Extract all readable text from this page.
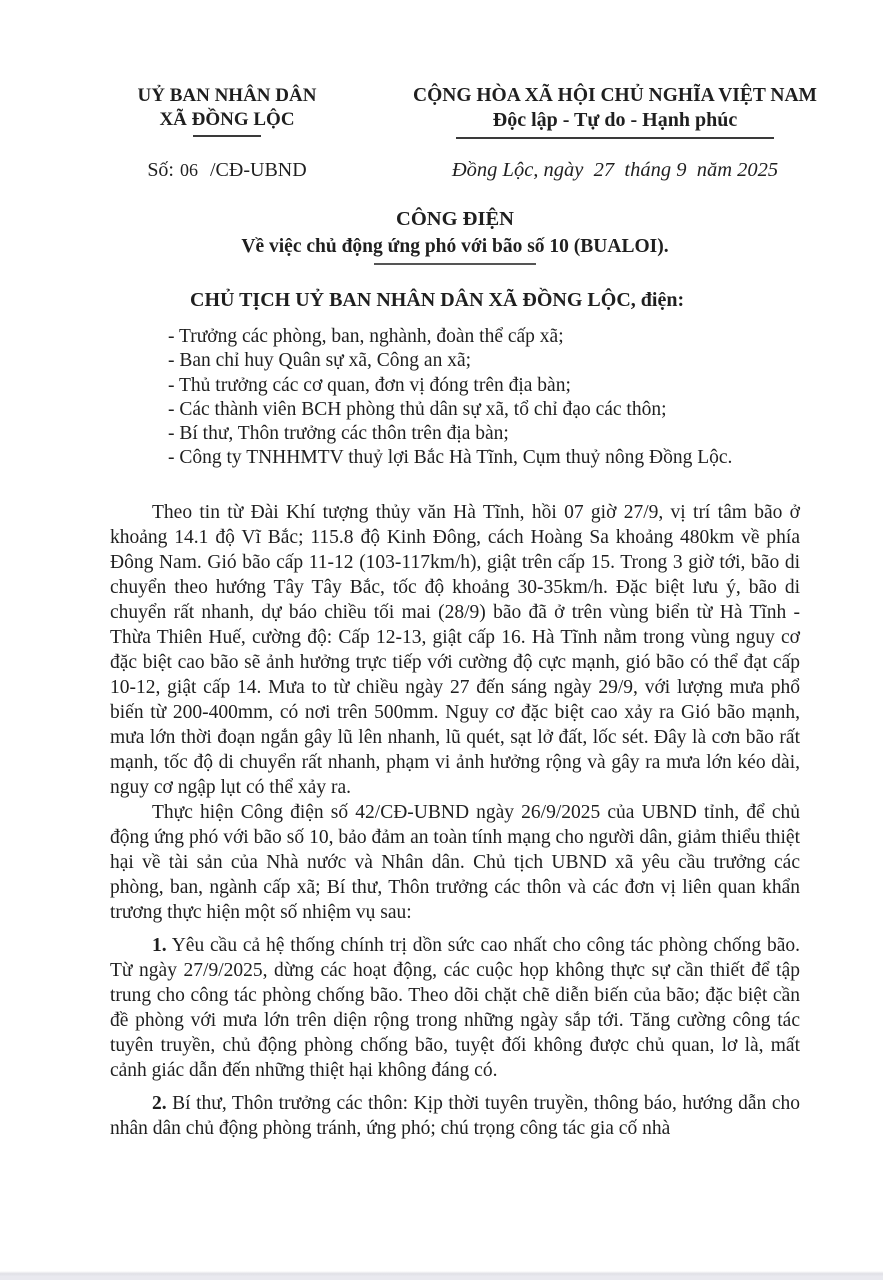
UỶ BAN NHÂN DÂN
XÃ ĐỒNG LỘC
Số: 06 /CĐ-UBND
CỘNG HÒA XÃ HỘI CHỦ NGHĨA VIỆT NAM
Độc lập - Tự do - Hạnh phúc
Đồng Lộc, ngày  27  tháng 9  năm 2025
CÔNG ĐIỆN
Về việc chủ động ứng phó với bão số 10 (BUALOI).
CHỦ TỊCH UỶ BAN NHÂN DÂN XÃ ĐỒNG LỘC, điện:
- Trưởng các phòng, ban, nghành, đoàn thể cấp xã;
- Ban chỉ huy Quân sự xã, Công an xã;
- Thủ trưởng các cơ quan, đơn vị đóng trên địa bàn;
- Các thành viên BCH phòng thủ dân sự xã, tổ chỉ đạo các thôn;
- Bí thư, Thôn trưởng các thôn trên địa bàn;
- Công ty TNHHMTV thuỷ lợi Bắc Hà Tĩnh, Cụm thuỷ nông Đồng Lộc.

Theo tin từ Đài Khí tượng thủy văn Hà Tĩnh, hồi 07 giờ 27/9, vị trí tâm bão ở khoảng 14.1 độ Vĩ Bắc; 115.8 độ Kinh Đông, cách Hoàng Sa khoảng 480km về phía Đông Nam. Gió bão cấp 11-12 (103-117km/h), giật trên cấp 15. Trong 3 giờ tới, bão di chuyển theo hướng Tây Tây Bắc, tốc độ khoảng 30-35km/h. Đặc biệt lưu ý, bão di chuyển rất nhanh, dự báo chiều tối mai (28/9) bão đã ở trên vùng biển từ Hà Tĩnh - Thừa Thiên Huế, cường độ: Cấp 12-13, giật cấp 16. Hà Tĩnh nằm trong vùng nguy cơ đặc biệt cao bão sẽ ảnh hưởng trực tiếp với cường độ cực mạnh, gió bão có thể đạt cấp 10-12, giật cấp 14. Mưa to từ chiều ngày 27 đến sáng ngày 29/9, với lượng mưa phổ biến từ 200-400mm, có nơi trên 500mm. Nguy cơ đặc biệt cao xảy ra Gió bão mạnh, mưa lớn thời đoạn ngắn gây lũ lên nhanh, lũ quét, sạt lở đất, lốc sét. Đây là cơn bão rất mạnh, tốc độ di chuyển rất nhanh, phạm vi ảnh hưởng rộng và gây ra mưa lớn kéo dài, nguy cơ ngập lụt có thể xảy ra.

Thực hiện Công điện số 42/CĐ-UBND ngày 26/9/2025 của UBND tỉnh, để chủ động ứng phó với bão số 10, bảo đảm an toàn tính mạng cho người dân, giảm thiểu thiệt hại về tài sản của Nhà nước và Nhân dân. Chủ tịch UBND xã yêu cầu trưởng các phòng, ban, ngành cấp xã; Bí thư, Thôn trưởng các thôn và các đơn vị liên quan khẩn trương thực hiện một số nhiệm vụ sau:

1. Yêu cầu cả hệ thống chính trị dồn sức cao nhất cho công tác phòng chống bão. Từ ngày 27/9/2025, dừng các hoạt động, các cuộc họp không thực sự cần thiết để tập trung cho công tác phòng chống bão. Theo dõi chặt chẽ diễn biến của bão; đặc biệt cần đề phòng với mưa lớn trên diện rộng trong những ngày sắp tới. Tăng cường công tác tuyên truyền, chủ động phòng chống bão, tuyệt đối không được chủ quan, lơ là, mất cảnh giác dẫn đến những thiệt hại không đáng có.

2. Bí thư, Thôn trưởng các thôn: Kịp thời tuyên truyền, thông báo, hướng dẫn cho nhân dân chủ động phòng tránh, ứng phó; chú trọng công tác gia cố nhà
